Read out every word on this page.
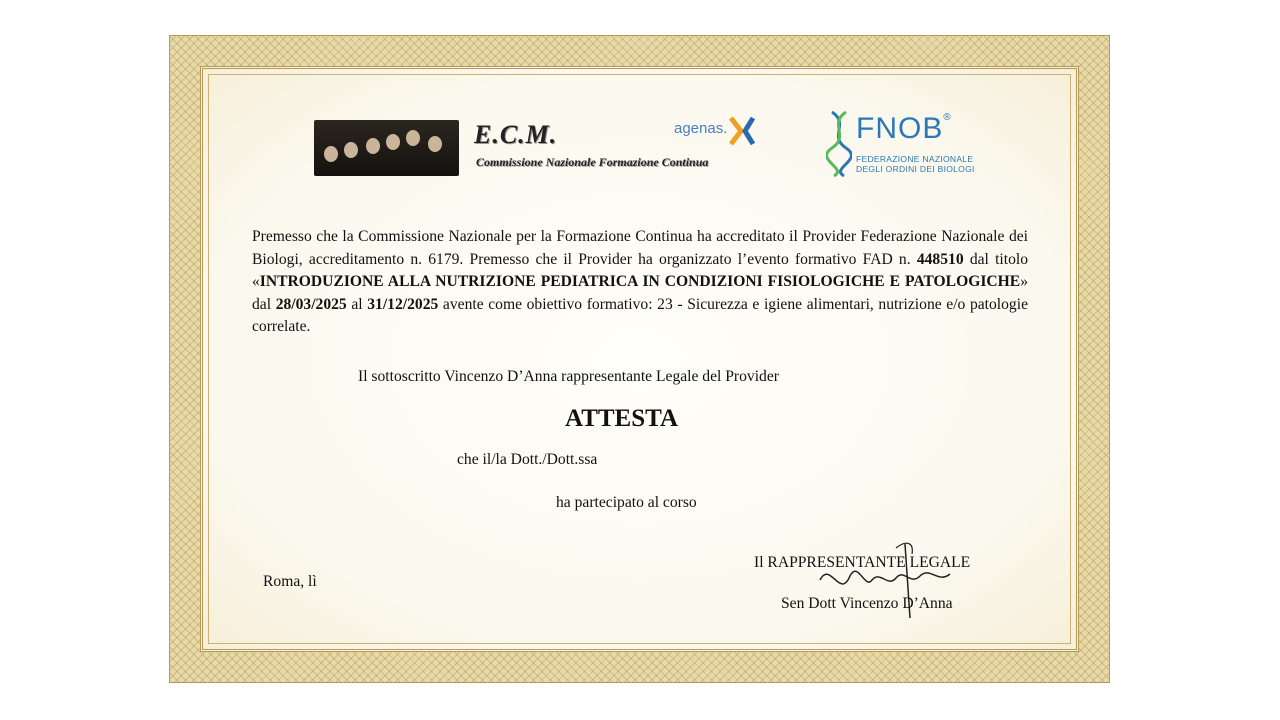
E.C.M.
Commissione Nazionale Formazione Continua
agenas.	FNOB®
FEDERAZIONE NAZIONALE
DEGLI ORDINI DEI BIOLOGI
Premesso che la Commissione Nazionale per la Formazione Continua ha accreditato il Provider Federazione Nazionale dei Biologi, accreditamento n. 6179. Premesso che il Provider ha organizzato l’evento formativo FAD n. 448510 dal titolo «INTRODUZIONE ALLA NUTRIZIONE PEDIATRICA IN CONDIZIONI FISIOLOGICHE E PATOLOGICHE» dal 28/03/2025 al 31/12/2025 avente come obiettivo formativo: 23 - Sicurezza e igiene alimentari, nutrizione e/o patologie correlate.
Il sottoscritto Vincenzo D’Anna rappresentante Legale del Provider
ATTESTA
che il/la Dott./Dott.ssa
ha partecipato al corso
Roma, lì
Il RAPPRESENTANTE LEGALE
Sen Dott Vincenzo D’Anna
